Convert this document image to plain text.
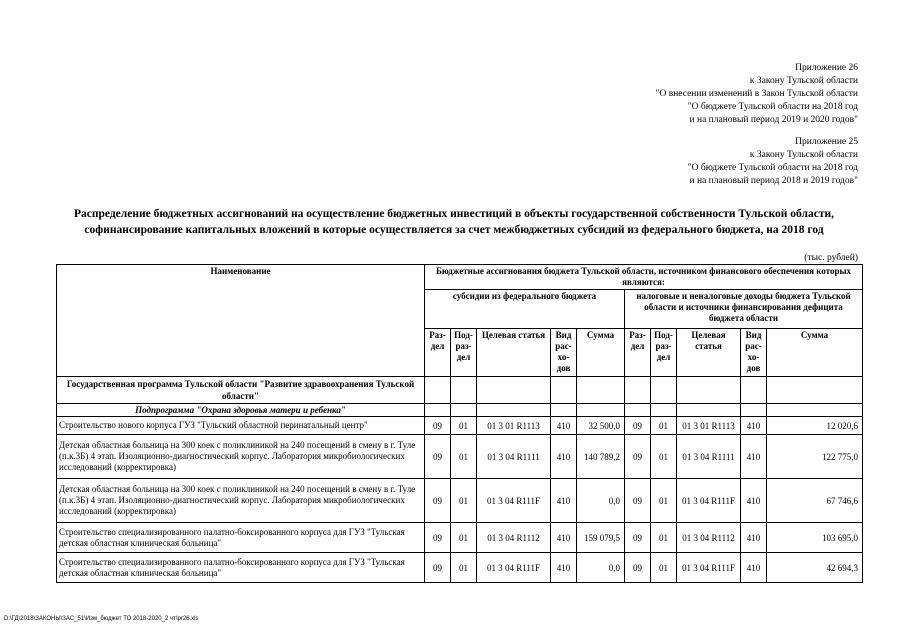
Приложение 26
к Закону Тульской области
"О внесении изменений в Закон Тульской области
"О бюджете Тульской области на 2018 год
и на плановый период 2019 и 2020 годов"
Приложение 25
к Закону Тульской области
"О бюджете Тульской области на 2018 год
и на плановый период 2018 и 2019 годов"
Распределение бюджетных ассигнований на осуществление бюджетных инвестиций в объекты государственной собственности Тульской области,
софинансирование капитальных вложений в которые осуществляется за счет межбюджетных субсидий из федерального бюджета, на 2018 год
(тыс. рублей)
Наименование	Бюджетные ассигнования бюджета Тульской области, источником финансового обеспечения которых являются:									
	субсидии из федерального бюджета					налоговые и неналоговые доходы бюджета Тульской области и источники финансирования дефицита бюджета области				
	Раз-дел	Под-раз-дел	Целевая статья	Вид рас-хо-дов	Сумма	Раз-дел	Под-раз-дел	Целевая статья	Вид рас-хо-дов	Сумма
Государственная программа Тульской области "Развитие здравоохранения Тульской области"										
Подпрограмма "Охрана здоровья матери и ребенка"										
Строительство нового корпуса ГУЗ "Тульский областной перинатальный центр"	09	01	01 3 01 R1113	410	32 500,0	09	01	01 3 01 R1113	410	12 020,6
Детская областная больница на 300 коек с поликлиникой на 240 посещений в смену в г. Туле (п.к.3Б) 4 этап. Изоляционно-диагностический корпус. Лаборатория микробиологических исследований (корректировка)	09	01	01 3 04 R1111	410	140 789,2	09	01	01 3 04 R1111	410	122 775,0
Детская областная больница на 300 коек с поликлиникой на 240 посещений в смену в г. Туле (п.к.3Б) 4 этап. Изоляционно-диагностический корпус. Лаборатория микробиологических исследований (корректировка)	09	01	01 3 04 R111F	410	0,0	09	01	01 3 04 R111F	410	67 746,6
Строительство специализированного палатно-боксированного корпуса для ГУЗ "Тульская детская областная клиническая больница"	09	01	01 3 04 R1112	410	159 079,5	09	01	01 3 04 R1112	410	103 695,0
Строительство специализированного палатно-боксированного корпуса для ГУЗ "Тульская детская областная клиническая больница"	09	01	01 3 04 R111F	410	0,0	09	01	01 3 04 R111F	410	42 694,3
D:\ГД\2018\ЗАКОНЫ\ЗАС_51\Изм_бюджет ТО 2018-2020_2 чт\pr26.xls
